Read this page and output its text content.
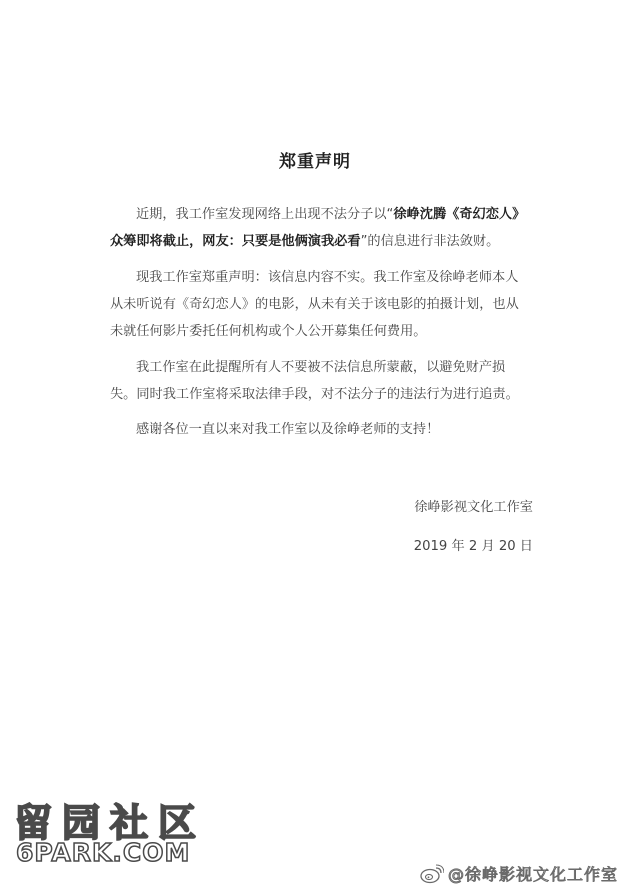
郑重声明

近期，我工作室发现网络上出现不法分子以“徐峥沈腾《奇幻恋人》众筹即将截止，网友：只要是他俩演我必看”的信息进行非法敛财。

现我工作室郑重声明：该信息内容不实。我工作室及徐峥老师本人从未听说有《奇幻恋人》的电影，从未有关于该电影的拍摄计划，也从未就任何影片委托任何机构或个人公开募集任何费用。

我工作室在此提醒所有人不要被不法信息所蒙蔽，以避免财产损失。同时我工作室将采取法律手段，对不法分子的违法行为进行追责。

感谢各位一直以来对我工作室以及徐峥老师的支持！

徐峥影视文化工作室
2019 年 2 月 20 日
留园社区
6PARK.COM
@徐峥影视文化工作室
